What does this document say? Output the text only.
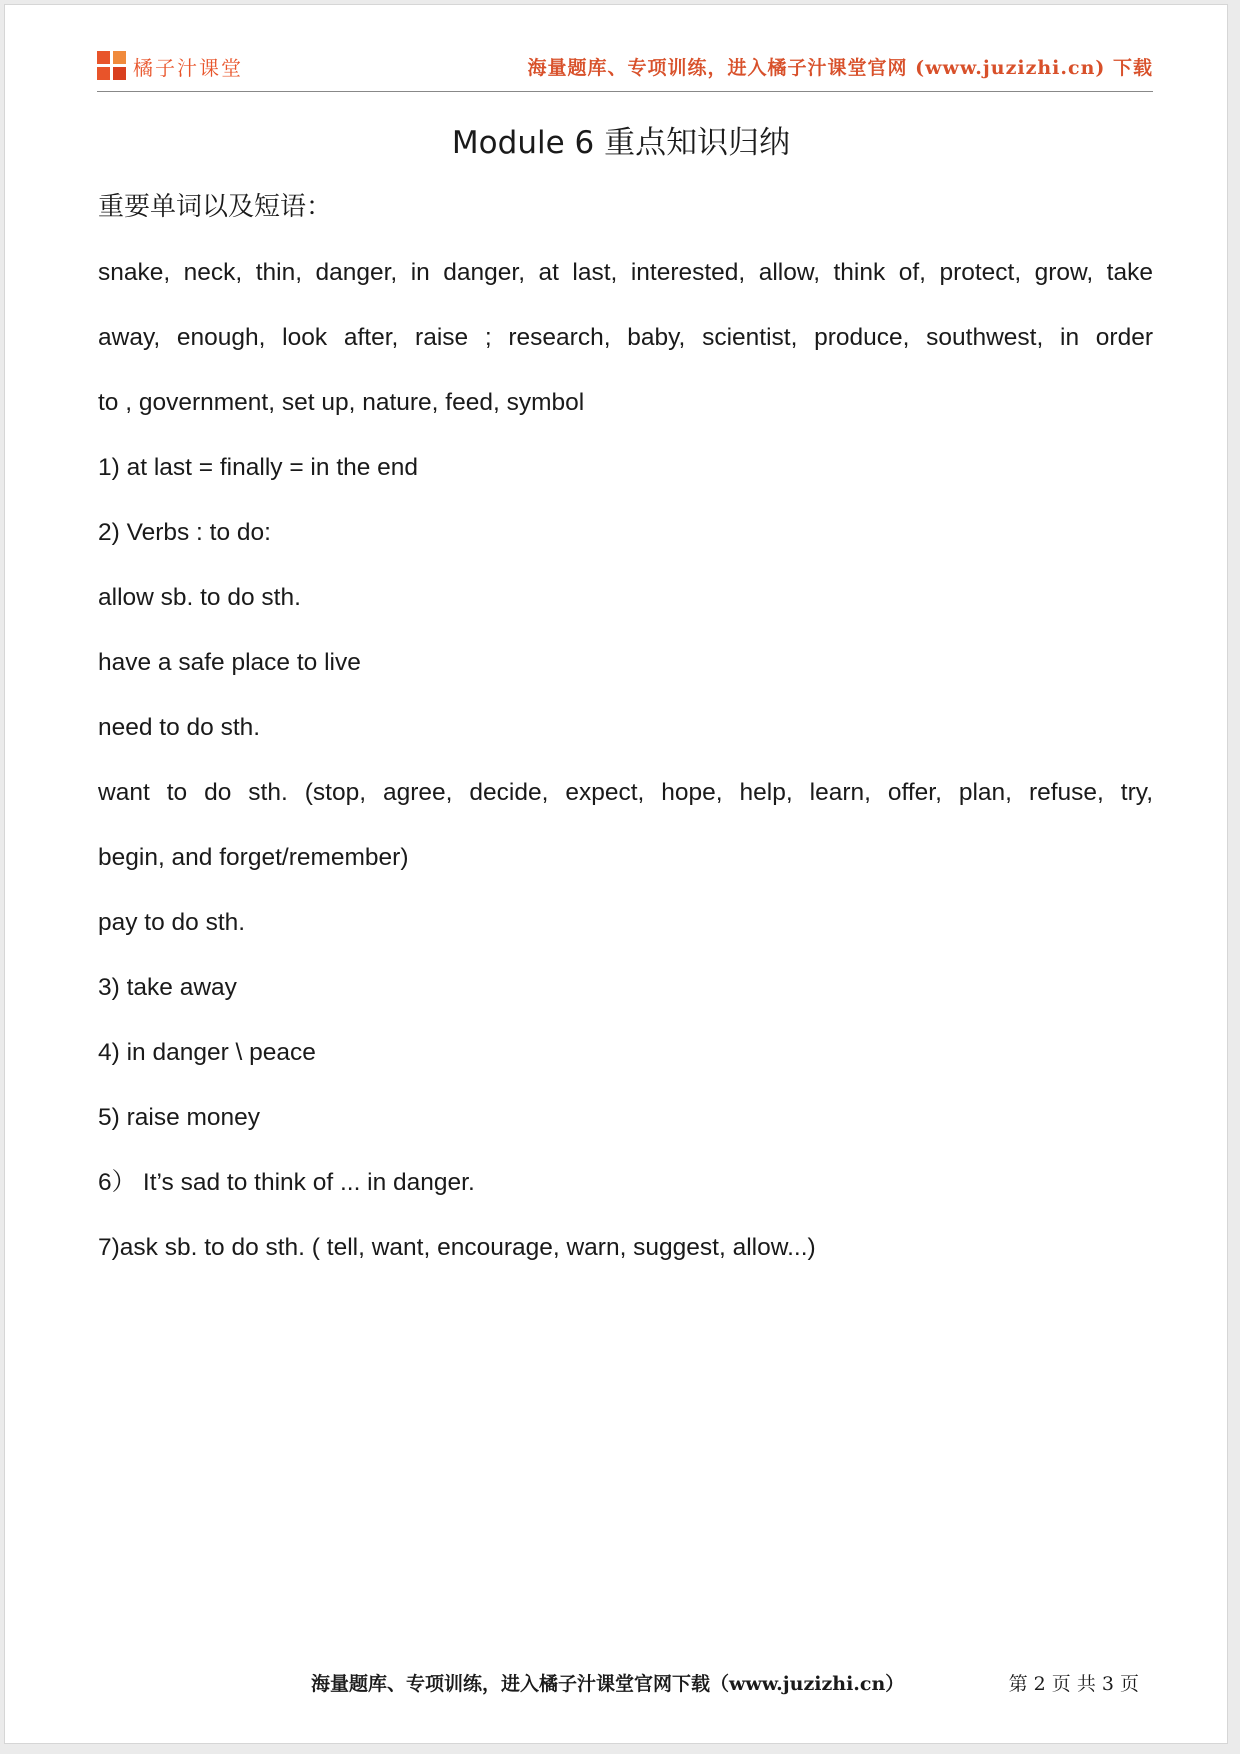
橘子汁课堂	海量题库、专项训练，进入橘子汁课堂官网 (www.juzizhi.cn) 下载
Module 6 重点知识归纳

重要单词以及短语：

snake, neck, thin, danger, in danger, at last, interested, allow, think of, protect, grow, take

away, enough, look after, raise ; research, baby, scientist, produce, southwest, in order

to , government, set up, nature, feed, symbol

1) at last = finally = in the end

2) Verbs : to do:

allow sb. to do sth.

have a safe place to live

need to do sth.

want to do sth. (stop, agree, decide, expect, hope, help, learn, offer, plan, refuse, try,

begin, and forget/remember)

pay to do sth.

3) take away

4) in danger \ peace

5) raise money

6） It’s sad to think of ... in danger.

7)ask sb. to do sth. ( tell, want, encourage, warn, suggest, allow...)

海量题库、专项训练，进入橘子汁课堂官网下载（www.juzizhi.cn）	第 2 页 共 3 页
